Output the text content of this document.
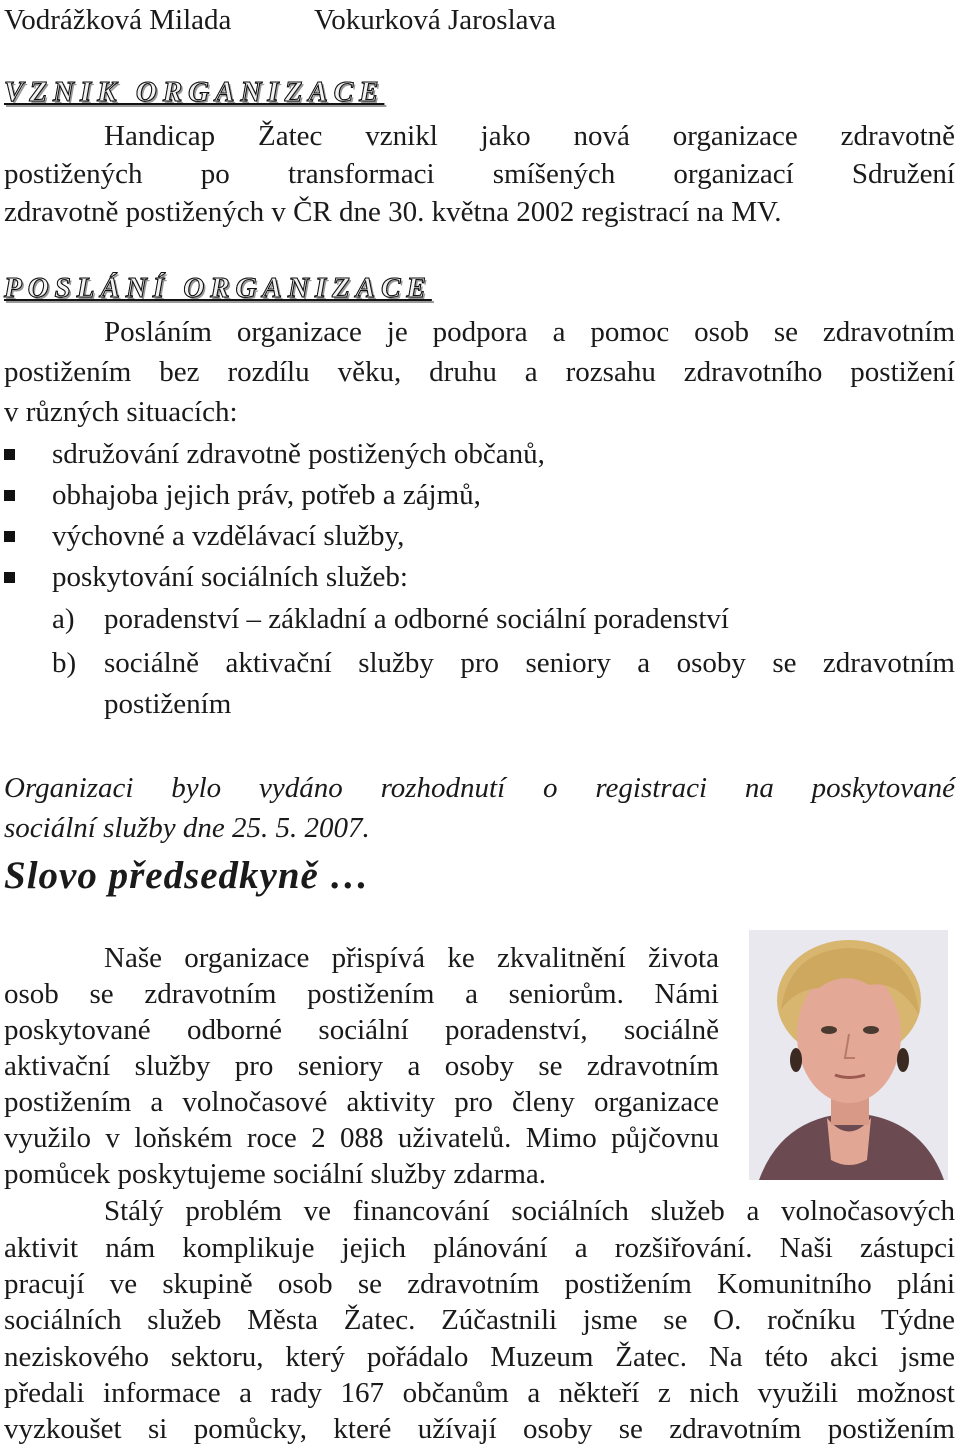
Vodrážková Milada	Vokurková Jaroslava
VZNIK ORGANIZACE
Handicap Žatec vznikl jako nová organizace zdravotně
postižených po transformaci smíšených organizací Sdružení
zdravotně postižených v ČR dne 30. května 2002 registrací na MV.
POSLÁNÍ ORGANIZACE
Posláním organizace je podpora a pomoc osob se zdravotním
postižením bez rozdílu věku, druhu a rozsahu zdravotního postižení
v různých situacích:
sdružování zdravotně postižených občanů,
obhajoba jejich práv, potřeb a zájmů,
výchovné a vzdělávací služby,
poskytování sociálních služeb:
a) poradenství – základní a odborné sociální poradenství
b) sociálně aktivační služby pro seniory a osoby se zdravotním
postižením
Organizaci bylo vydáno rozhodnutí o registraci na poskytované
sociální služby dne 25. 5. 2007.
Slovo předsedkyně …
Naše organizace přispívá ke zkvalitnění života
osob se zdravotním postižením a seniorům. Námi
poskytované odborné sociální poradenství, sociálně
aktivační služby pro seniory a osoby se zdravotním
postižením a volnočasové aktivity pro členy organizace
využilo v loňském roce 2 088 uživatelů. Mimo půjčovnu
pomůcek poskytujeme sociální služby zdarma.
Stálý problém ve financování sociálních služeb a volnočasových
aktivit nám komplikuje jejich plánování a rozšiřování. Naši zástupci
pracují ve skupině osob se zdravotním postižením Komunitního pláni
sociálních služeb Města Žatec. Zúčastnili jsme se O. ročníku Týdne
neziskového sektoru, který pořádalo Muzeum Žatec. Na této akci jsme
předali informace a rady 167 občanům a někteří z nich využili možnost
vyzkoušet si pomůcky, které užívají osoby se zdravotním postižením
